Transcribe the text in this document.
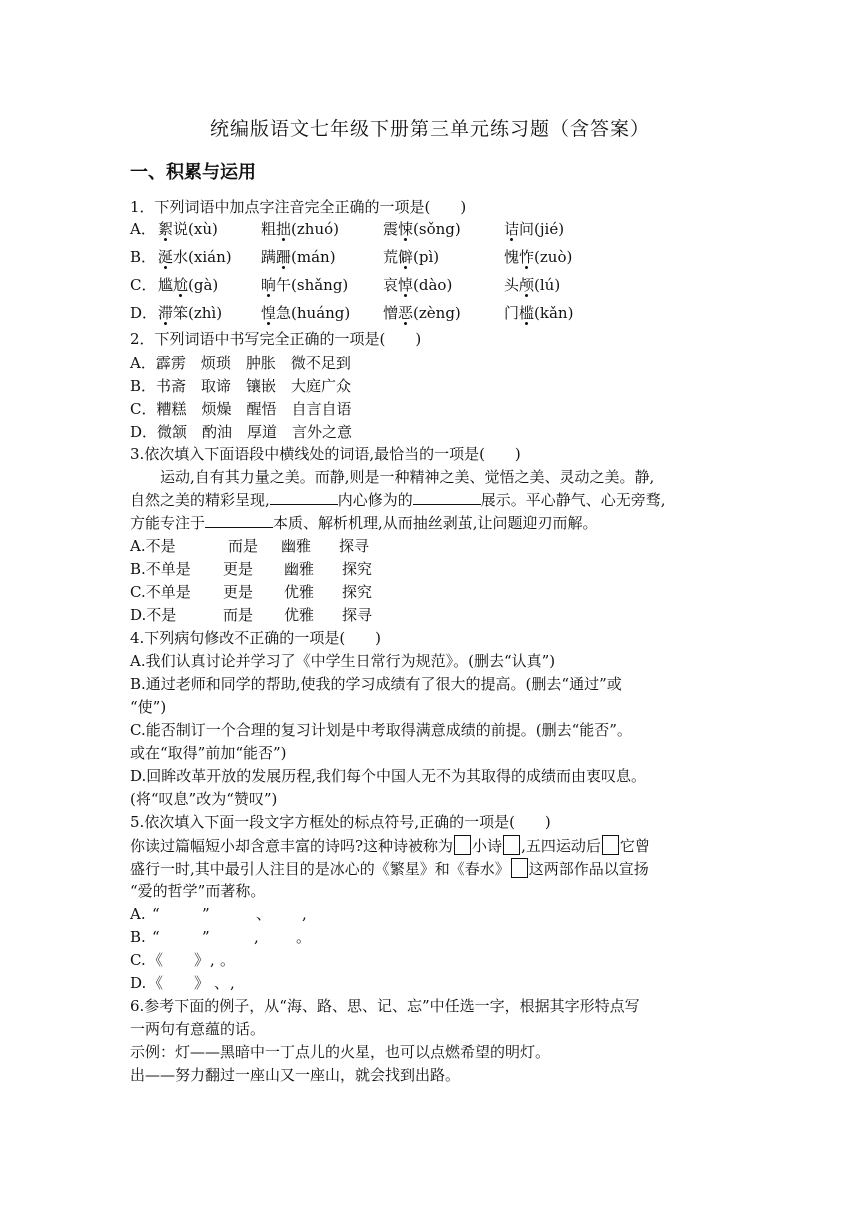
统编版语文七年级下册第三单元练习题（含答案）
一、积累与运用
1．下列词语中加点字注音完全正确的一项是(　　)
A． 絮说(xù)	粗拙(zhuó)	震悚(sǒng)	诘问(jié)
B． 涎水(xián) 蹒跚(mán)	荒僻(pì)	愧怍(zuò)
C． 尴尬(gà)	晌午(shǎng) 哀悼(dào)	头颅(lú)
D． 滞笨(zhì)	惶急(huáng) 憎恶(zèng)	门槛(kǎn)
2．下列词语中书写完全正确的一项是(　　)
A．霹雳　烦琐　肿胀　微不足到
B．书斋　取谛　镶嵌　大庭广众
C．糟糕　烦燥　醒悟　自言自语
D．微颔　酌油　厚道　言外之意
3.依次填入下面语段中横线处的词语,最恰当的一项是(　　)
　　运动,自有其力量之美。而静,则是一种精神之美、觉悟之美、灵动之美。静,
自然之美的精彩呈现,	内心修为的	展示。平心静气、心无旁骛,
方能专注于	本质、解析机理,从而抽丝剥茧,让问题迎刃而解。
A.不是	而是 幽雅 探寻
B.不单是 更是 幽雅 探究
C.不单是 更是 优雅 探究
D.不是	而是 优雅 探寻
4.下列病句修改不正确的一项是(　　)
A.我们认真讨论并学习了《中学生日常行为规范》。(删去“认真”)
B.通过老师和同学的帮助,使我的学习成绩有了很大的提高。(删去“通过”或
“使”)
C.能否制订一个合理的复习计划是中考取得满意成绩的前提。(删去“能否”。
或在“取得”前加“能否”)
D.回眸改革开放的发展历程,我们每个中国人无不为其取得的成绩而由衷叹息。
(将“叹息”改为“赞叹”)
5.依次填入下面一段文字方框处的标点符号,正确的一项是(　　)
你读过篇幅短小却含意丰富的诗吗?这种诗被称为 小诗 ,五四运动后 它曾
盛行一时,其中最引人注目的是冰心的《繁星》和《春水》 这两部作品以宣扬
“爱的哲学”而著称。
A. “	”	、 ,
B. “	”	, 。
C. 《 》 , 。
D. 《 》 、 ,
6.参考下面的例子，从“海、路、思、记、忘”中任选一字，根据其字形特点写
一两句有意蕴的话。
示例：灯——黑暗中一丁点儿的火星，也可以点燃希望的明灯。
出——努力翻过一座山又一座山，就会找到出路。
